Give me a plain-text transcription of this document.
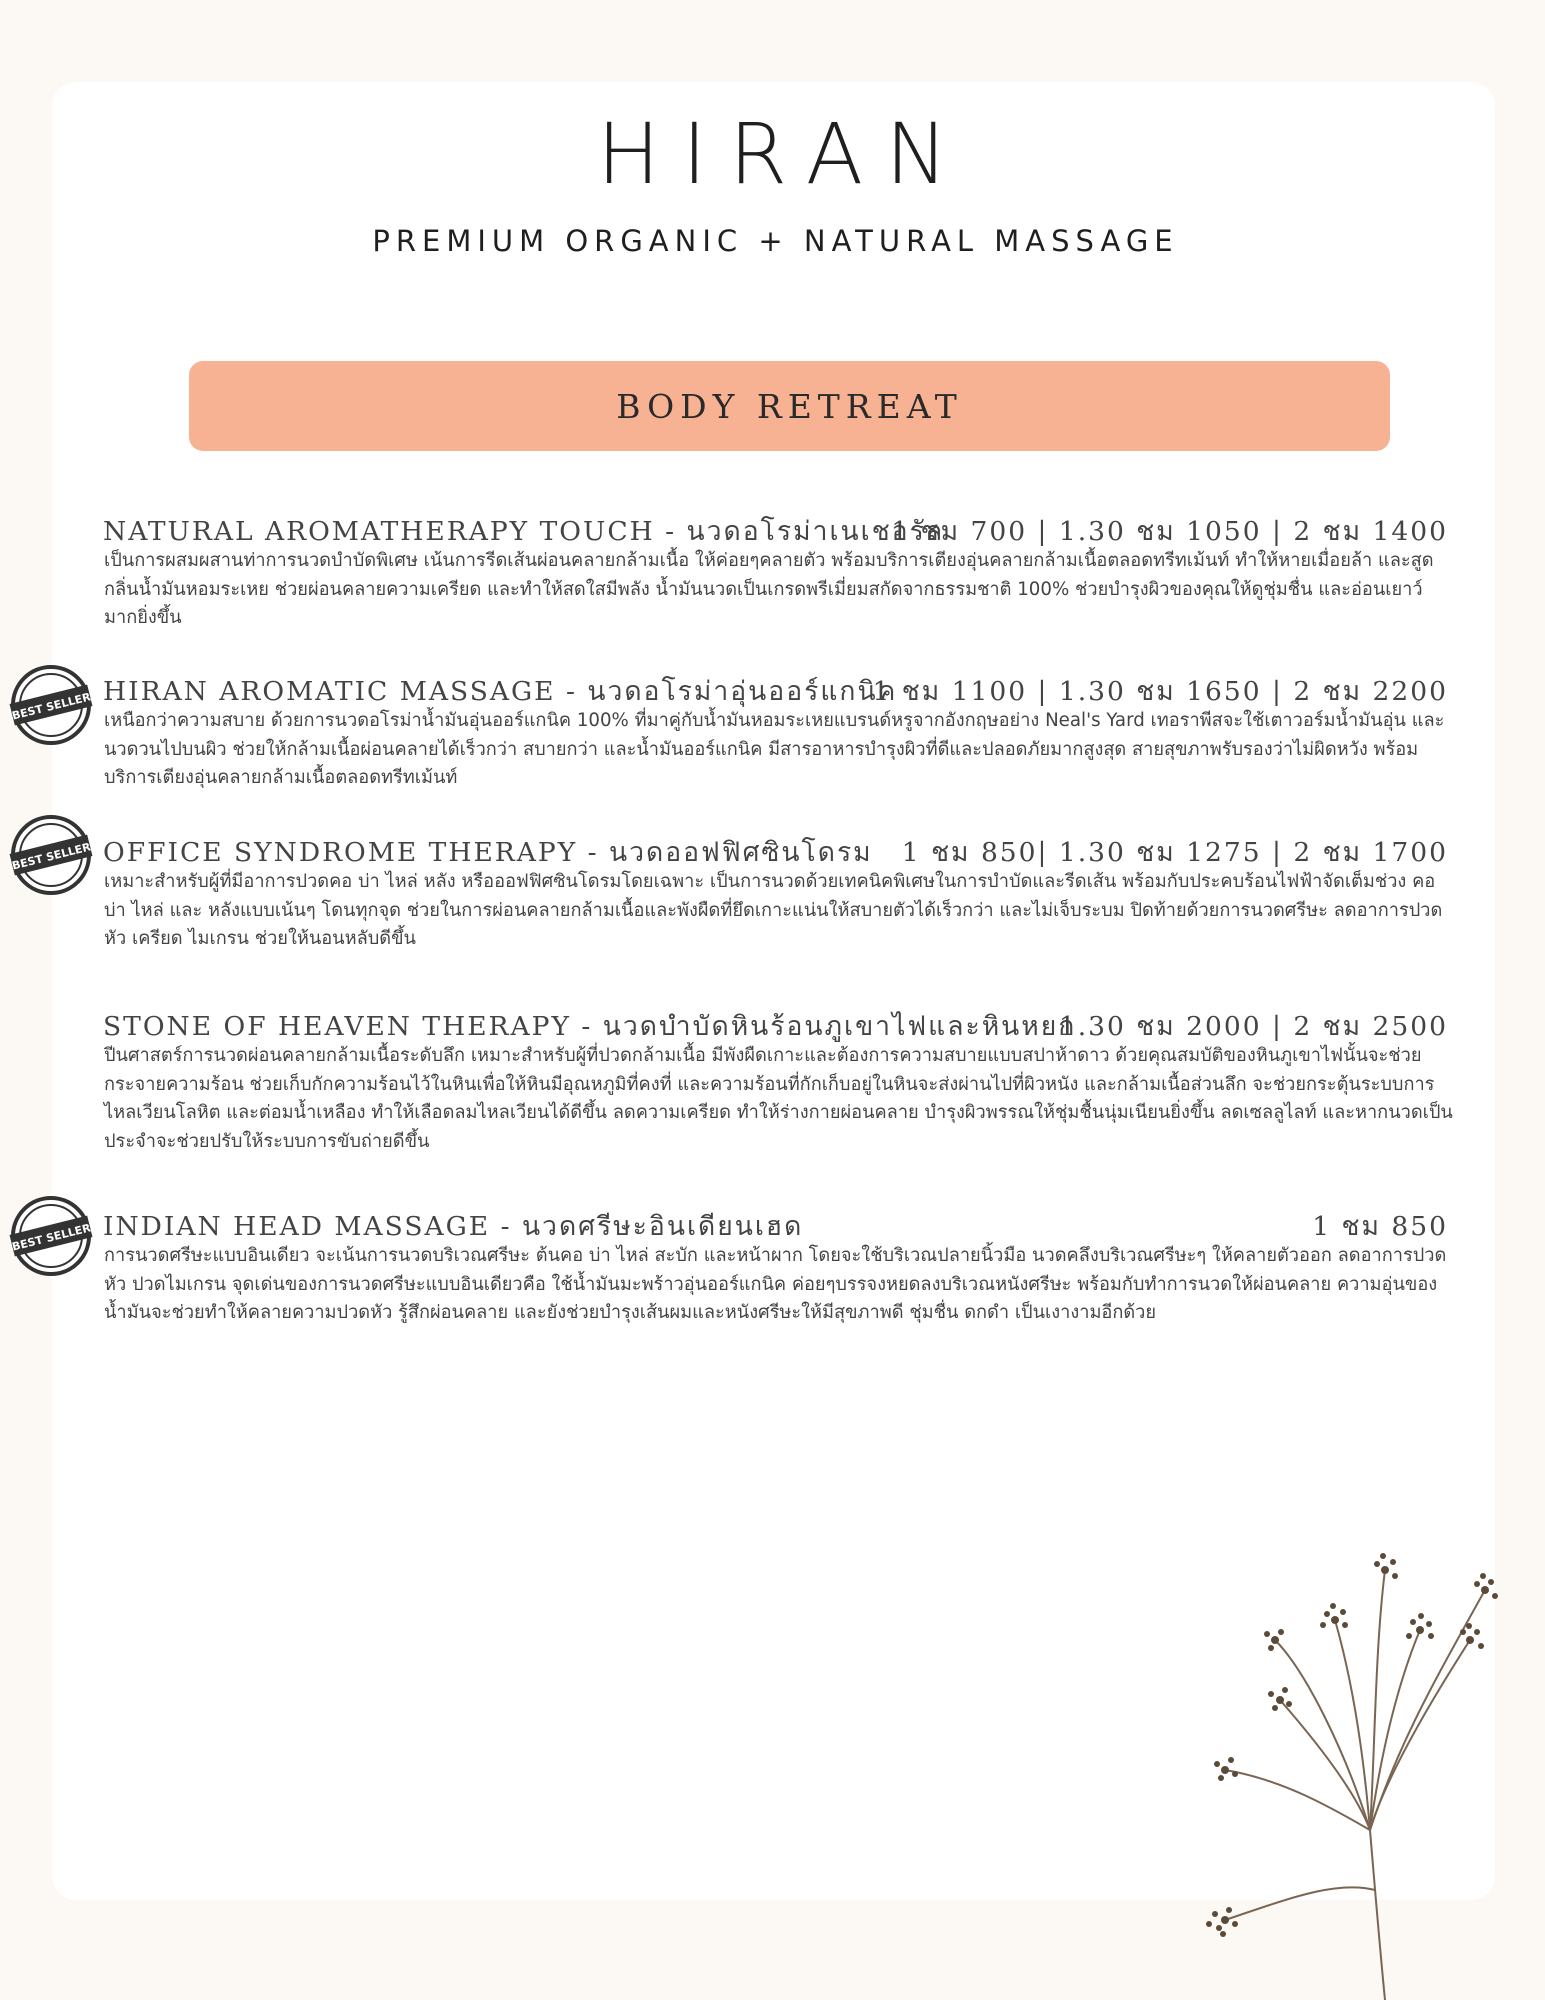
HIRAN
PREMIUM ORGANIC + NATURAL MASSAGE
BODY RETREAT
NATURAL AROMATHERAPY TOUCH - นวดอโรม่าเนเชอรัล
1 ชม 700 | 1.30 ชม 1050 | 2 ชม 1400
เป็นการผสมผสานท่าการนวดบำบัดพิเศษ เน้นการรีดเส้นผ่อนคลายกล้ามเนื้อ ให้ค่อยๆคลายตัว พร้อมบริการเตียงอุ่นคลายกล้ามเนื้อตลอดทรีทเม้นท์ ทำให้หายเมื่อยล้า และสูดกลิ่นน้ำมันหอมระเหย ช่วยผ่อนคลายความเครียด และทำให้สดใสมีพลัง น้ำมันนวดเป็นเกรดพรีเมี่ยมสกัดจากธรรมชาติ 100% ช่วยบำรุงผิวของคุณให้ดูชุ่มชื่น และอ่อนเยาว์มากยิ่งขึ้น
BEST SELLER HIRAN AROMATIC MASSAGE - นวดอโรม่าอุ่นออร์แกนิค
1 ชม 1100 | 1.30 ชม 1650 | 2 ชม 2200
เหนือกว่าความสบาย ด้วยการนวดอโรม่าน้ำมันอุ่นออร์แกนิค 100% ที่มาคู่กับน้ำมันหอมระเหยแบรนด์หรูจากอังกฤษอย่าง Neal's Yard เทอราพีสจะใช้เตาวอร์มน้ำมันอุ่น และนวดวนไปบนผิว ช่วยให้กล้ามเนื้อผ่อนคลายได้เร็วกว่า สบายกว่า และน้ำมันออร์แกนิค มีสารอาหารบำรุงผิวที่ดีและปลอดภัยมากสูงสุด สายสุขภาพรับรองว่าไม่ผิดหวัง พร้อมบริการเตียงอุ่นคลายกล้ามเนื้อตลอดทรีทเม้นท์
BEST SELLER OFFICE SYNDROME THERAPY - นวดออฟฟิศซินโดรม 1 ชม 850| 1.30 ชม 1275 | 2 ชม 1700
เหมาะสำหรับผู้ที่มีอาการปวดคอ บ่า ไหล่ หลัง หรือออฟฟิศซินโดรมโดยเฉพาะ เป็นการนวดด้วยเทคนิคพิเศษในการบำบัดและรีดเส้น พร้อมกับประคบร้อนไฟฟ้าจัดเต็มช่วง คอ บ่า ไหล่ และ หลังแบบเน้นๆ โดนทุกจุด ช่วยในการผ่อนคลายกล้ามเนื้อและพังผืดที่ยึดเกาะแน่นให้สบายตัวได้เร็วกว่า และไม่เจ็บระบม ปิดท้ายด้วยการนวดศรีษะ ลดอาการปวดหัว เครียด ไมเกรน ช่วยให้นอนหลับดีขึ้น
STONE OF HEAVEN THERAPY - นวดบำบัดหินร้อนภูเขาไฟและหินหยก
1.30 ชม 2000 | 2 ชม 2500
ปีนศาสตร์การนวดผ่อนคลายกล้ามเนื้อระดับลึก เหมาะสำหรับผู้ที่ปวดกล้ามเนื้อ มีพังผืดเกาะและต้องการความสบายแบบสปาห้าดาว ด้วยคุณสมบัติของหินภูเขาไฟนั้นจะช่วยกระจายความร้อน ช่วยเก็บกักความร้อนไว้ในหินเพื่อให้หินมีอุณหภูมิที่คงที่ และความร้อนที่กักเก็บอยู่ในหินจะส่งผ่านไปที่ผิวหนัง และกล้ามเนื้อส่วนลึก จะช่วยกระตุ้นระบบการไหลเวียนโลหิต และต่อมน้ำเหลือง ทำให้เลือดลมไหลเวียนได้ดีขึ้น ลดความเครียด ทำให้ร่างกายผ่อนคลาย บำรุงผิวพรรณให้ชุ่มชื้นนุ่มเนียนยิ่งขึ้น ลดเซลลูไลท์ และหากนวดเป็นประจำจะช่วยปรับให้ระบบการขับถ่ายดีขึ้น
BEST SELLER INDIAN HEAD MASSAGE - นวดศรีษะอินเดียนเฮด	1 ชม 850
การนวดศรีษะแบบอินเดียว จะเน้นการนวดบริเวณศรีษะ ต้นคอ บ่า ไหล่ สะบัก และหน้าผาก โดยจะใช้บริเวณปลายนิ้วมือ นวดคลึงบริเวณศรีษะๆ ให้คลายตัวออก ลดอาการปวดหัว ปวดไมเกรน จุดเด่นของการนวดศรีษะแบบอินเดียวคือ ใช้น้ำมันมะพร้าวอุ่นออร์แกนิค ค่อยๆบรรจงหยดลงบริเวณหนังศรีษะ พร้อมกับทำการนวดให้ผ่อนคลาย ความอุ่นของน้ำมันจะช่วยทำให้คลายความปวดหัว รู้สึกผ่อนคลาย และยังช่วยบำรุงเส้นผมและหนังศรีษะให้มีสุขภาพดี ชุ่มชื่น ดกดำ เป็นเงางามอีกด้วย
